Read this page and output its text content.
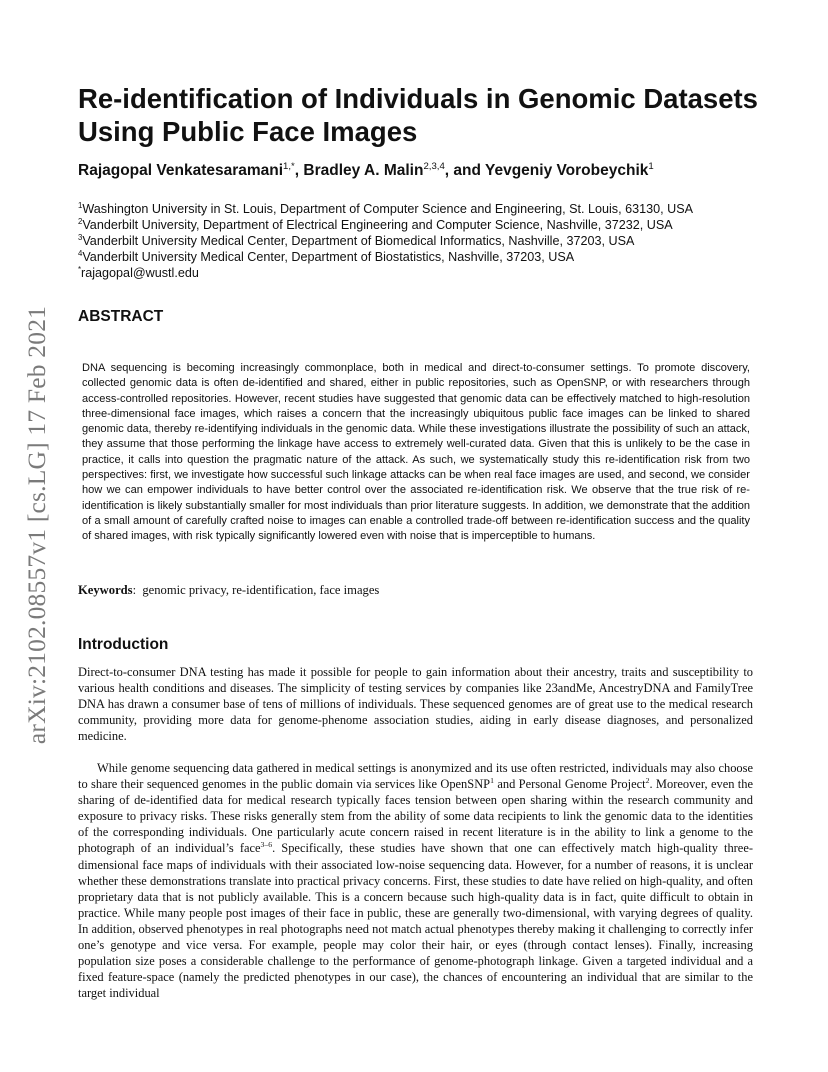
arXiv:2102.08557v1 [cs.LG] 17 Feb 2021
Re-identification of Individuals in Genomic Datasets Using Public Face Images
Rajagopal Venkatesaramani$^{1,*}$, Bradley A. Malin$^{2,3,4}$, and Yevgeniy Vorobeychik$^1$
$^1$Washington University in St. Louis, Department of Computer Science and Engineering, St. Louis, 63130, USA
$^2$Vanderbilt University, Department of Electrical Engineering and Computer Science, Nashville, 37232, USA
$^3$Vanderbilt University Medical Center, Department of Biomedical Informatics, Nashville, 37203, USA
$^4$Vanderbilt University Medical Center, Department of Biostatistics, Nashville, 37203, USA
*rajagopal@wustl.edu
ABSTRACT

DNA sequencing is becoming increasingly commonplace, both in medical and direct-to-consumer settings. To promote discovery, collected genomic data is often de-identified and shared, either in public repositories, such as OpenSNP, or with researchers through access-controlled repositories. However, recent studies have suggested that genomic data can be effectively matched to high-resolution three-dimensional face images, which raises a concern that the increasingly ubiquitous public face images can be linked to shared genomic data, thereby re-identifying individuals in the genomic data. While these investigations illustrate the possibility of such an attack, they assume that those performing the linkage have access to extremely well-curated data. Given that this is unlikely to be the case in practice, it calls into question the pragmatic nature of the attack. As such, we systematically study this re-identification risk from two perspectives: first, we investigate how successful such linkage attacks can be when real face images are used, and second, we consider how we can empower individuals to have better control over the associated re-identification risk. We observe that the true risk of re-identification is likely substantially smaller for most individuals than prior literature suggests. In addition, we demonstrate that the addition of a small amount of carefully crafted noise to images can enable a controlled trade-off between re-identification success and the quality of shared images, with risk typically significantly lowered even with noise that is imperceptible to humans.

Keywords:  genomic privacy, re-identification, face images

Introduction

Direct-to-consumer DNA testing has made it possible for people to gain information about their ancestry, traits and susceptibility to various health conditions and diseases. The simplicity of testing services by companies like 23andMe, AncestryDNA and FamilyTree DNA has drawn a consumer base of tens of millions of individuals. These sequenced genomes are of great use to the medical research community, providing more data for genome-phenome association studies, aiding in early disease diagnoses, and personalized medicine.

While genome sequencing data gathered in medical settings is anonymized and its use often restricted, individuals may also choose to share their sequenced genomes in the public domain via services like OpenSNP$^1$ and Personal Genome Project$^2$. Moreover, even the sharing of de-identified data for medical research typically faces tension between open sharing within the research community and exposure to privacy risks. These risks generally stem from the ability of some data recipients to link the genomic data to the identities of the corresponding individuals. One particularly acute concern raised in recent literature is in the ability to link a genome to the photograph of an individual’s face$^{3-6}$. Specifically, these studies have shown that one can effectively match high-quality three-dimensional face maps of individuals with their associated low-noise sequencing data. However, for a number of reasons, it is unclear whether these demonstrations translate into practical privacy concerns. First, these studies to date have relied on high-quality, and often proprietary data that is not publicly available. This is a concern because such high-quality data is in fact, quite difficult to obtain in practice. While many people post images of their face in public, these are generally two-dimensional, with varying degrees of quality. In addition, observed phenotypes in real photographs need not match actual phenotypes thereby making it challenging to correctly infer one’s genotype and vice versa. For example, people may color their hair, or eyes (through contact lenses). Finally, increasing population size poses a considerable challenge to the performance of genome-photograph linkage. Given a targeted individual and a fixed feature-space (namely the predicted phenotypes in our case), the chances of encountering an individual that are similar to the target individual
